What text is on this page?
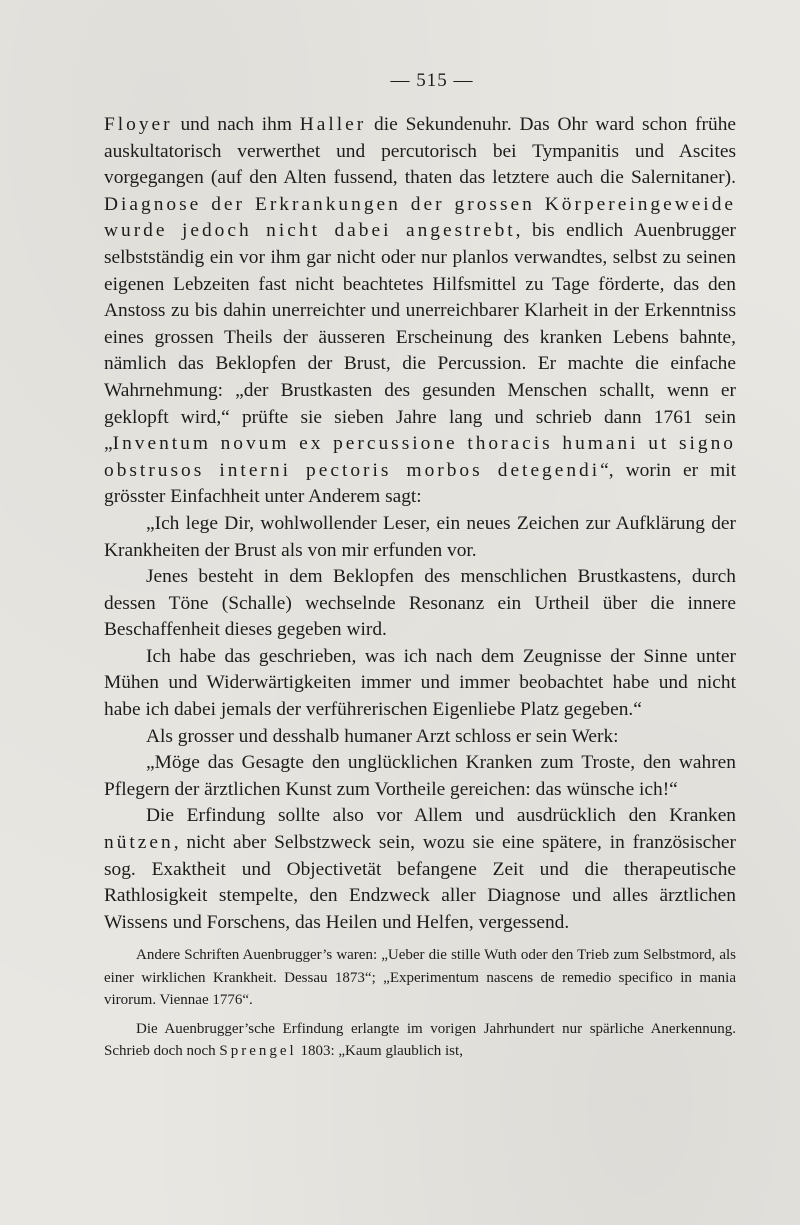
— 515 —

Floyer und nach ihm Haller die Sekundenuhr. Das Ohr ward schon frühe auskultatorisch verwerthet und percutorisch bei Tympanitis und Ascites vorgegangen (auf den Alten fussend, thaten das letztere auch die Salernitaner). Diagnose der Erkrankungen der grossen Körpereingeweide wurde jedoch nicht dabei angestrebt, bis endlich Auenbrugger selbstständig ein vor ihm gar nicht oder nur planlos verwandtes, selbst zu seinen eigenen Lebzeiten fast nicht beachtetes Hilfsmittel zu Tage förderte, das den Anstoss zu bis dahin unerreichter und unerreichbarer Klarheit in der Erkenntniss eines grossen Theils der äusseren Erscheinung des kranken Lebens bahnte, nämlich das Beklopfen der Brust, die Percussion. Er machte die einfache Wahrnehmung: „der Brustkasten des gesunden Menschen schallt, wenn er geklopft wird,“ prüfte sie sieben Jahre lang und schrieb dann 1761 sein „Inventum novum ex percussione thoracis humani ut signo obstrusos interni pectoris morbos detegendi“, worin er mit grösster Einfachheit unter Anderem sagt:

„Ich lege Dir, wohlwollender Leser, ein neues Zeichen zur Aufklärung der Krankheiten der Brust als von mir erfunden vor.

Jenes besteht in dem Beklopfen des menschlichen Brustkastens, durch dessen Töne (Schalle) wechselnde Resonanz ein Urtheil über die innere Beschaffenheit dieses gegeben wird.

Ich habe das geschrieben, was ich nach dem Zeugnisse der Sinne unter Mühen und Widerwärtigkeiten immer und immer beobachtet habe und nicht habe ich dabei jemals der verführerischen Eigenliebe Platz gegeben.“

Als grosser und desshalb humaner Arzt schloss er sein Werk:

„Möge das Gesagte den unglücklichen Kranken zum Troste, den wahren Pflegern der ärztlichen Kunst zum Vortheile gereichen: das wünsche ich!“

Die Erfindung sollte also vor Allem und ausdrücklich den Kranken nützen, nicht aber Selbstzweck sein, wozu sie eine spätere, in französischer sog. Exaktheit und Objectivetät befangene Zeit und die therapeutische Rathlosigkeit stempelte, den Endzweck aller Diagnose und alles ärztlichen Wissens und Forschens, das Heilen und Helfen, vergessend.

Andere Schriften Auenbrugger’s waren: „Ueber die stille Wuth oder den Trieb zum Selbstmord, als einer wirklichen Krankheit. Dessau 1873“; „Experimentum nascens de remedio specifico in mania virorum. Viennae 1776“.

Die Auenbrugger’sche Erfindung erlangte im vorigen Jahrhundert nur spärliche Anerkennung. Schrieb doch noch Sprengel 1803: „Kaum glaublich ist,
